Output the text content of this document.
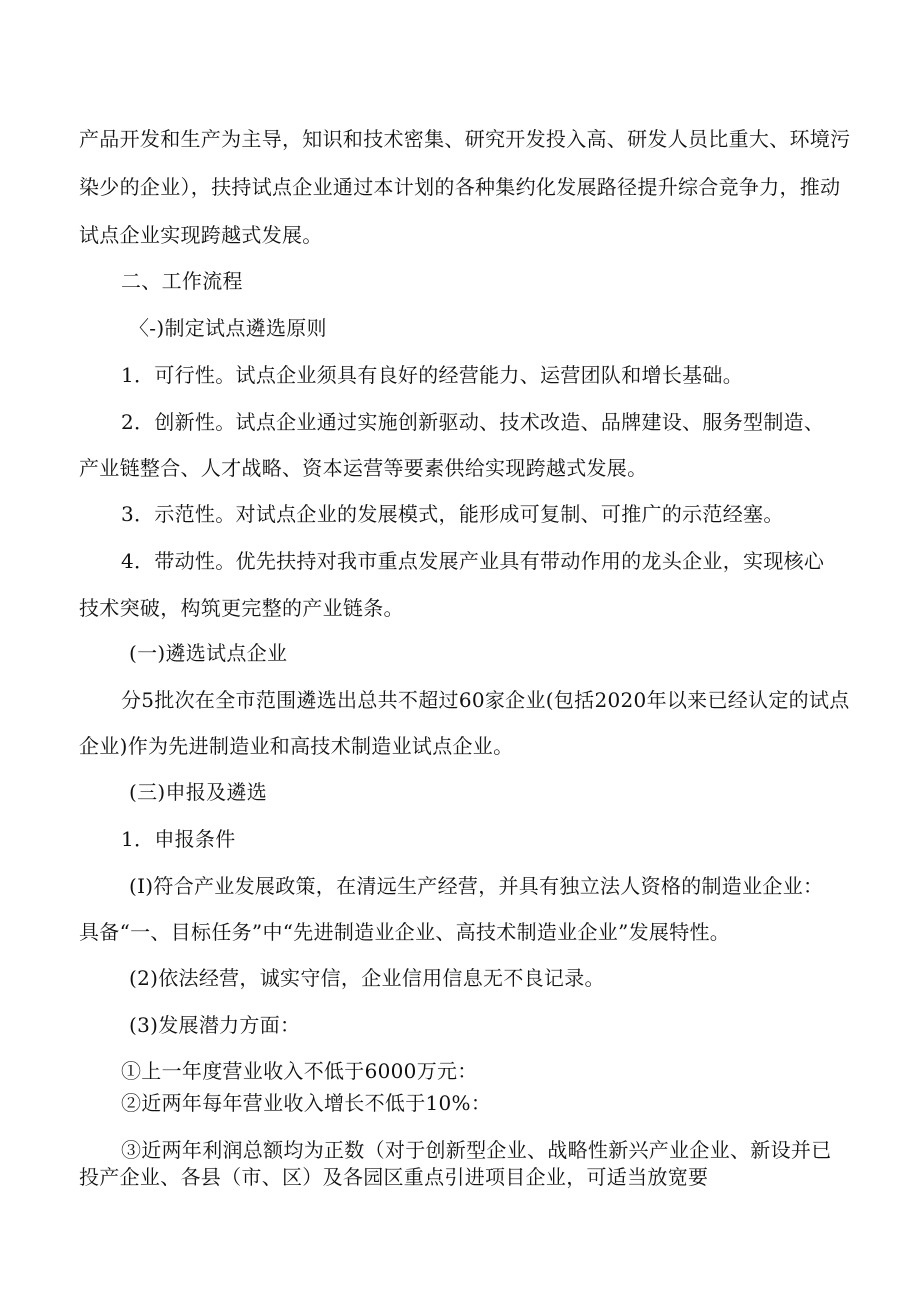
产品开发和生产为主导，知识和技术密集、研究开发投入高、研发人员比重大、环境污
染少的企业），扶持试点企业通过本计划的各种集约化发展路径提升综合竞争力，推动
试点企业实现跨越式发展。
二、工作流程
〈-)制定试点遴选原则
1．可行性。试点企业须具有良好的经营能力、运营团队和增长基础。
2．创新性。试点企业通过实施创新驱动、技术改造、品牌建设、服务型制造、
产业链整合、人才战略、资本运营等要素供给实现跨越式发展。
3．示范性。对试点企业的发展模式，能形成可复制、可推广的示范经塞。
4．带动性。优先扶持对我市重点发展产业具有带动作用的龙头企业，实现核心
技术突破，构筑更完整的产业链条。
(一)遴选试点企业
分5批次在全市范围遴选出总共不超过60家企业(包括2020年以来已经认定的试点
企业)作为先进制造业和高技术制造业试点企业。
(三)申报及遴选
1．申报条件
(I)符合产业发展政策，在清远生产经营，并具有独立法人资格的制造业企业：
具备“一、目标任务”中“先进制造业企业、高技术制造业企业”发展特性。
(2)依法经营，诚实守信，企业信用信息无不良记录。
(3)发展潜力方面：
①上一年度营业收入不低于6000万元：
②近两年每年营业收入增长不低于10%：
③近两年利润总额均为正数（对于创新型企业、战略性新兴产业企业、新设并已
投产企业、各县（市、区）及各园区重点引进项目企业，可适当放宽要
